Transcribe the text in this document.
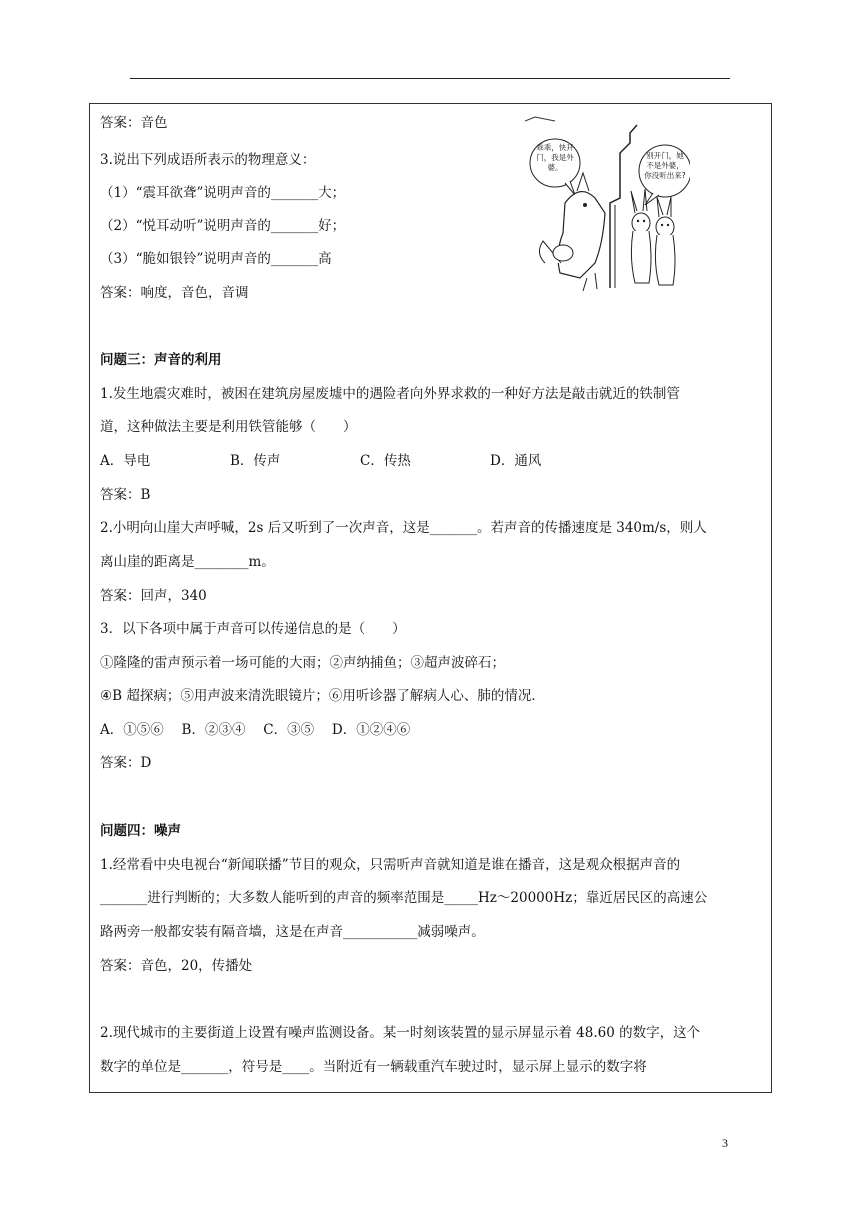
答案：音色
3.说出下列成语所表示的物理意义：
（1）“震耳欲聋”说明声音的_______大；
（2）“悦耳动听”说明声音的_______好；
（3）“脆如银铃”说明声音的_______高
答案：响度，音色，音调
问题三：声音的利用
1.发生地震灾难时，被困在建筑房屋废墟中的遇险者向外界求救的一种好方法是敲击就近的铁制管
道，这种做法主要是利用铁管能够（　　）
答案：B
2.小明向山崖大声呼喊，2s 后又听到了一次声音，这是_______。若声音的传播速度是 340m/s，则人
离山崖的距离是________m。
答案：回声，340
3．以下各项中属于声音可以传递信息的是（　　）
①隆隆的雷声预示着一场可能的大雨；②声纳捕鱼；③超声波碎石；
④B 超探病；⑤用声波来清洗眼镜片；⑥用听诊器了解病人心、肺的情况．
A．①⑤⑥　 B．②③④　 C．③⑤　 D．①②④⑥
答案：D
问题四：噪声
1.经常看中央电视台“新闻联播”节目的观众，只需听声音就知道是谁在播音，这是观众根据声音的
_______进行判断的；大多数人能听到的声音的频率范围是_____Hz～20000Hz；靠近居民区的高速公
路两旁一般都安装有隔音墙，这是在声音___________减弱噪声。
答案：音色，20，传播处
2.现代城市的主要街道上设置有噪声监测设备。某一时刻该装置的显示屏显示着 48.60 的数字，这个
数字的单位是_______，符号是____。当附近有一辆载重汽车驶过时，显示屏上显示的数字将
A．导电	B．传声	C．传热	D．通风
乖乖，快开门，我是外婆。
别开门，她不是外婆，你没听出来?
3
